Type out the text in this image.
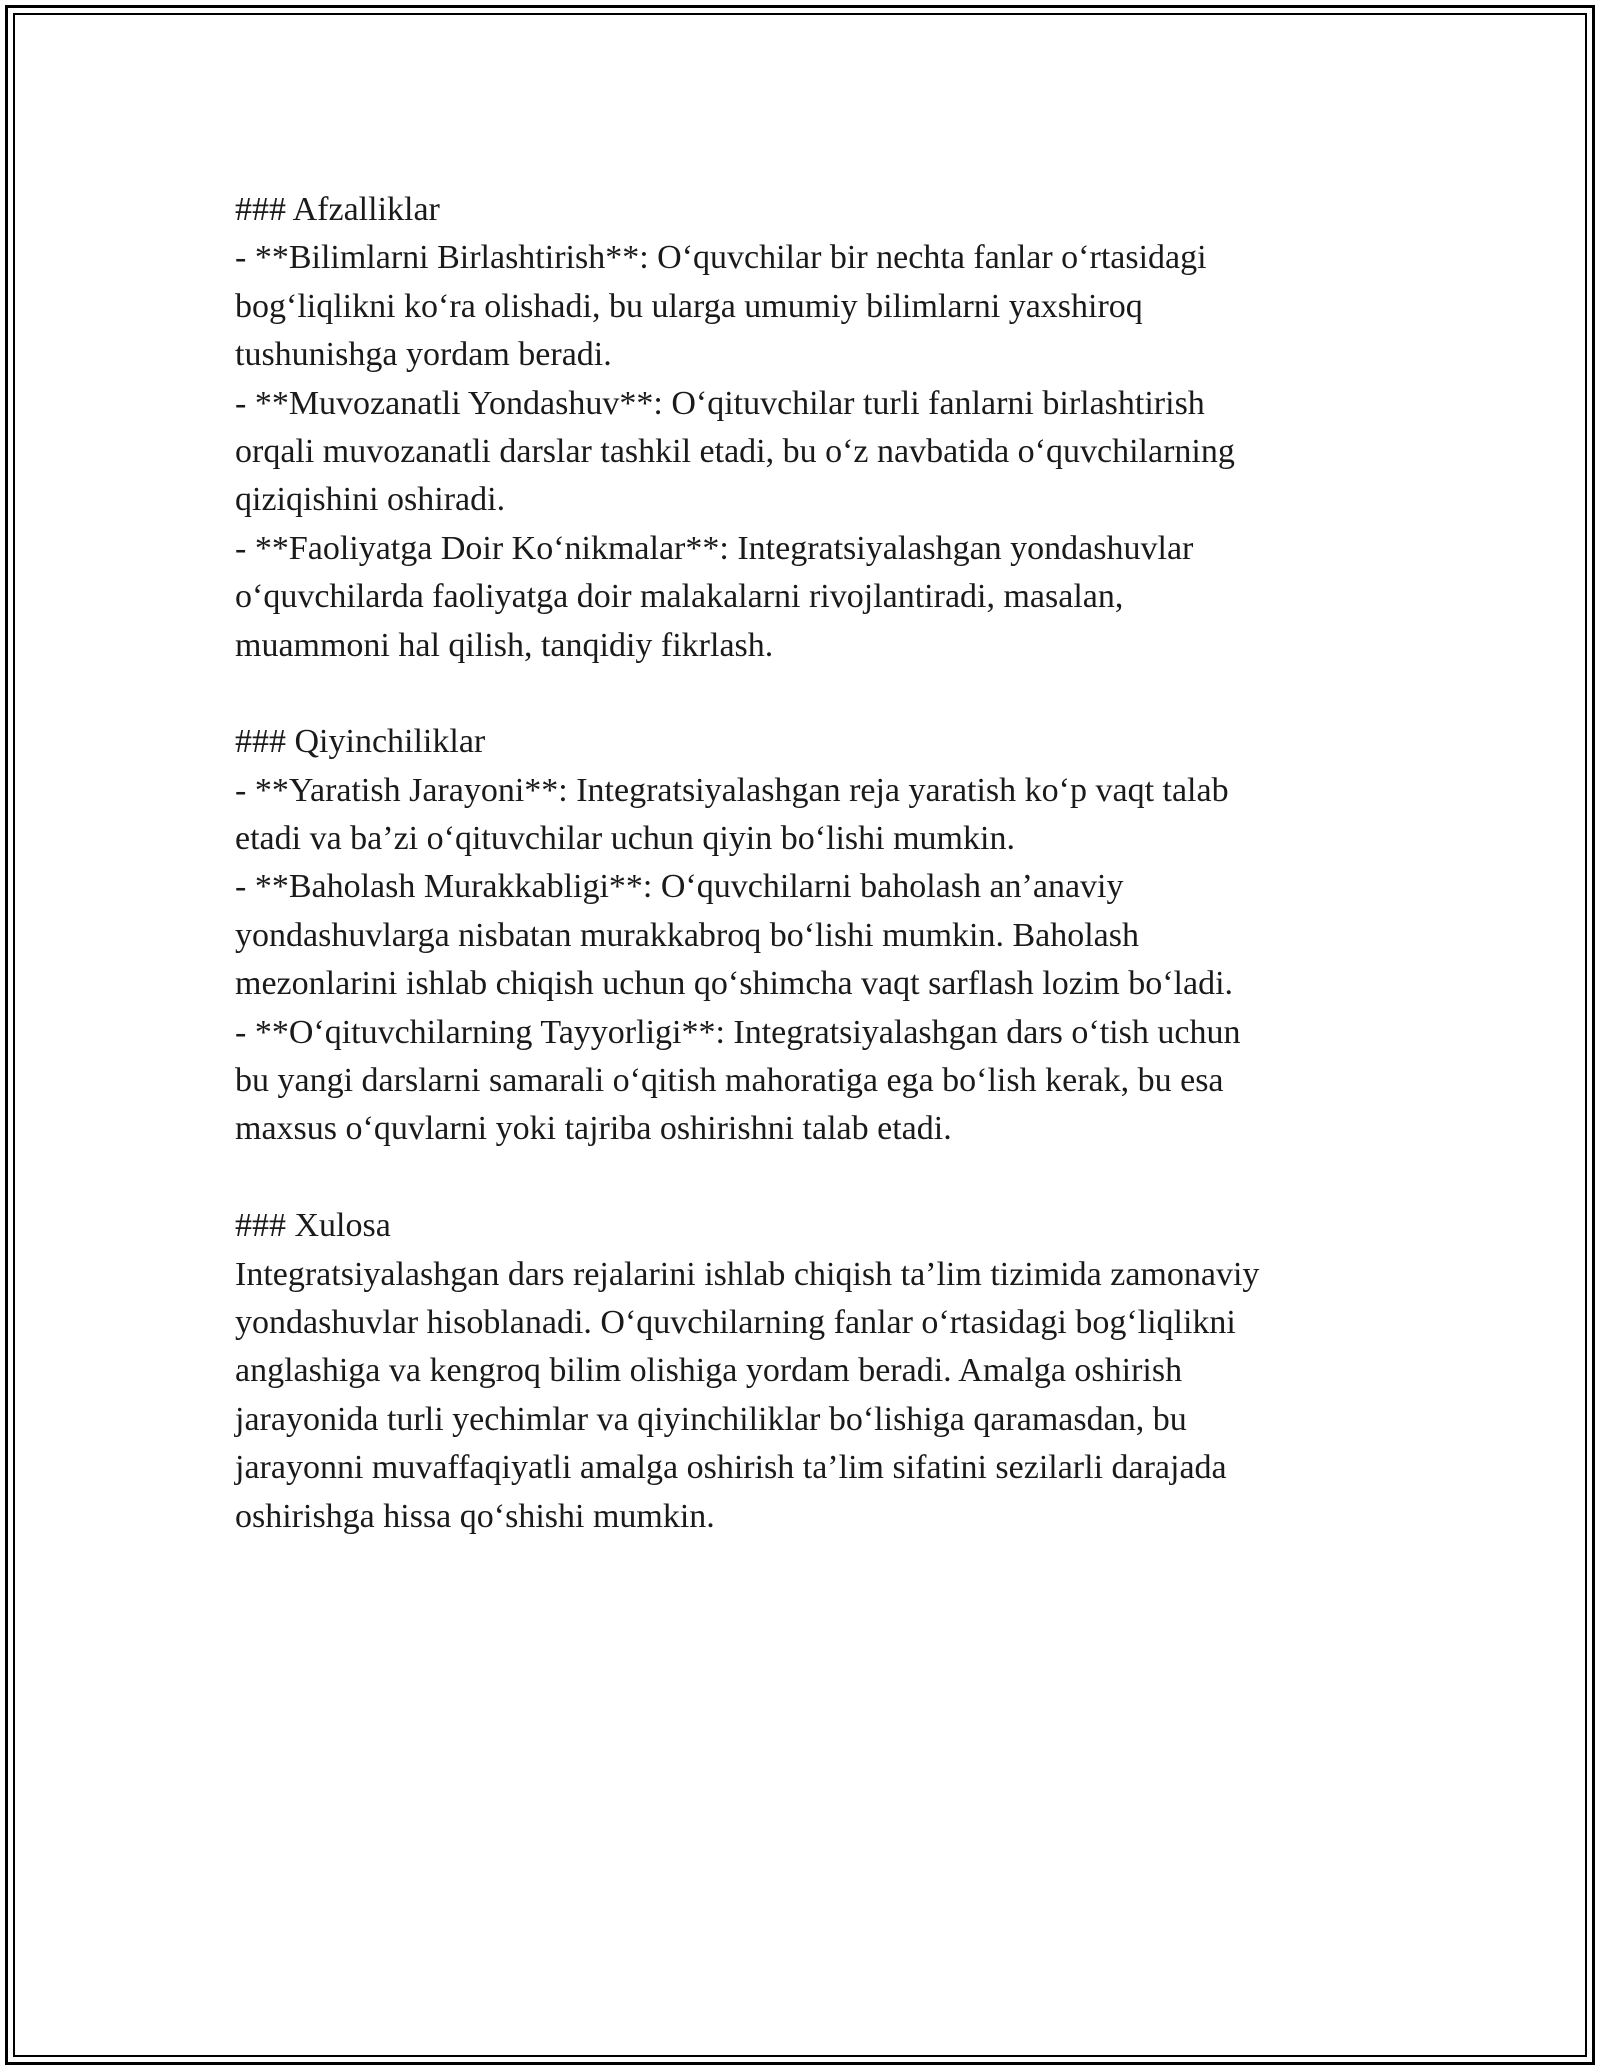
### Afzalliklar

- **Bilimlarni Birlashtirish**: O‘quvchilar bir nechta fanlar o‘rtasidagi

bog‘liqlikni ko‘ra olishadi, bu ularga umumiy bilimlarni yaxshiroq

tushunishga yordam beradi.

- **Muvozanatli Yondashuv**: O‘qituvchilar turli fanlarni birlashtirish

orqali muvozanatli darslar tashkil etadi, bu o‘z navbatida o‘quvchilarning

qiziqishini oshiradi.

- **Faoliyatga Doir Ko‘nikmalar**: Integratsiyalashgan yondashuvlar

o‘quvchilarda faoliyatga doir malakalarni rivojlantiradi, masalan,

muammoni hal qilish, tanqidiy fikrlash.

### Qiyinchiliklar

- **Yaratish Jarayoni**: Integratsiyalashgan reja yaratish ko‘p vaqt talab

etadi va ba’zi o‘qituvchilar uchun qiyin bo‘lishi mumkin.

- **Baholash Murakkabligi**: O‘quvchilarni baholash an’anaviy

yondashuvlarga nisbatan murakkabroq bo‘lishi mumkin. Baholash

mezonlarini ishlab chiqish uchun qo‘shimcha vaqt sarflash lozim bo‘ladi.

- **O‘qituvchilarning Tayyorligi**: Integratsiyalashgan dars o‘tish uchun

bu yangi darslarni samarali o‘qitish mahoratiga ega bo‘lish kerak, bu esa

maxsus o‘quvlarni yoki tajriba oshirishni talab etadi.

### Xulosa

Integratsiyalashgan dars rejalarini ishlab chiqish ta’lim tizimida zamonaviy

yondashuvlar hisoblanadi. O‘quvchilarning fanlar o‘rtasidagi bog‘liqlikni

anglashiga va kengroq bilim olishiga yordam beradi. Amalga oshirish

jarayonida turli yechimlar va qiyinchiliklar bo‘lishiga qaramasdan, bu

jarayonni muvaffaqiyatli amalga oshirish ta’lim sifatini sezilarli darajada

oshirishga hissa qo‘shishi mumkin.
